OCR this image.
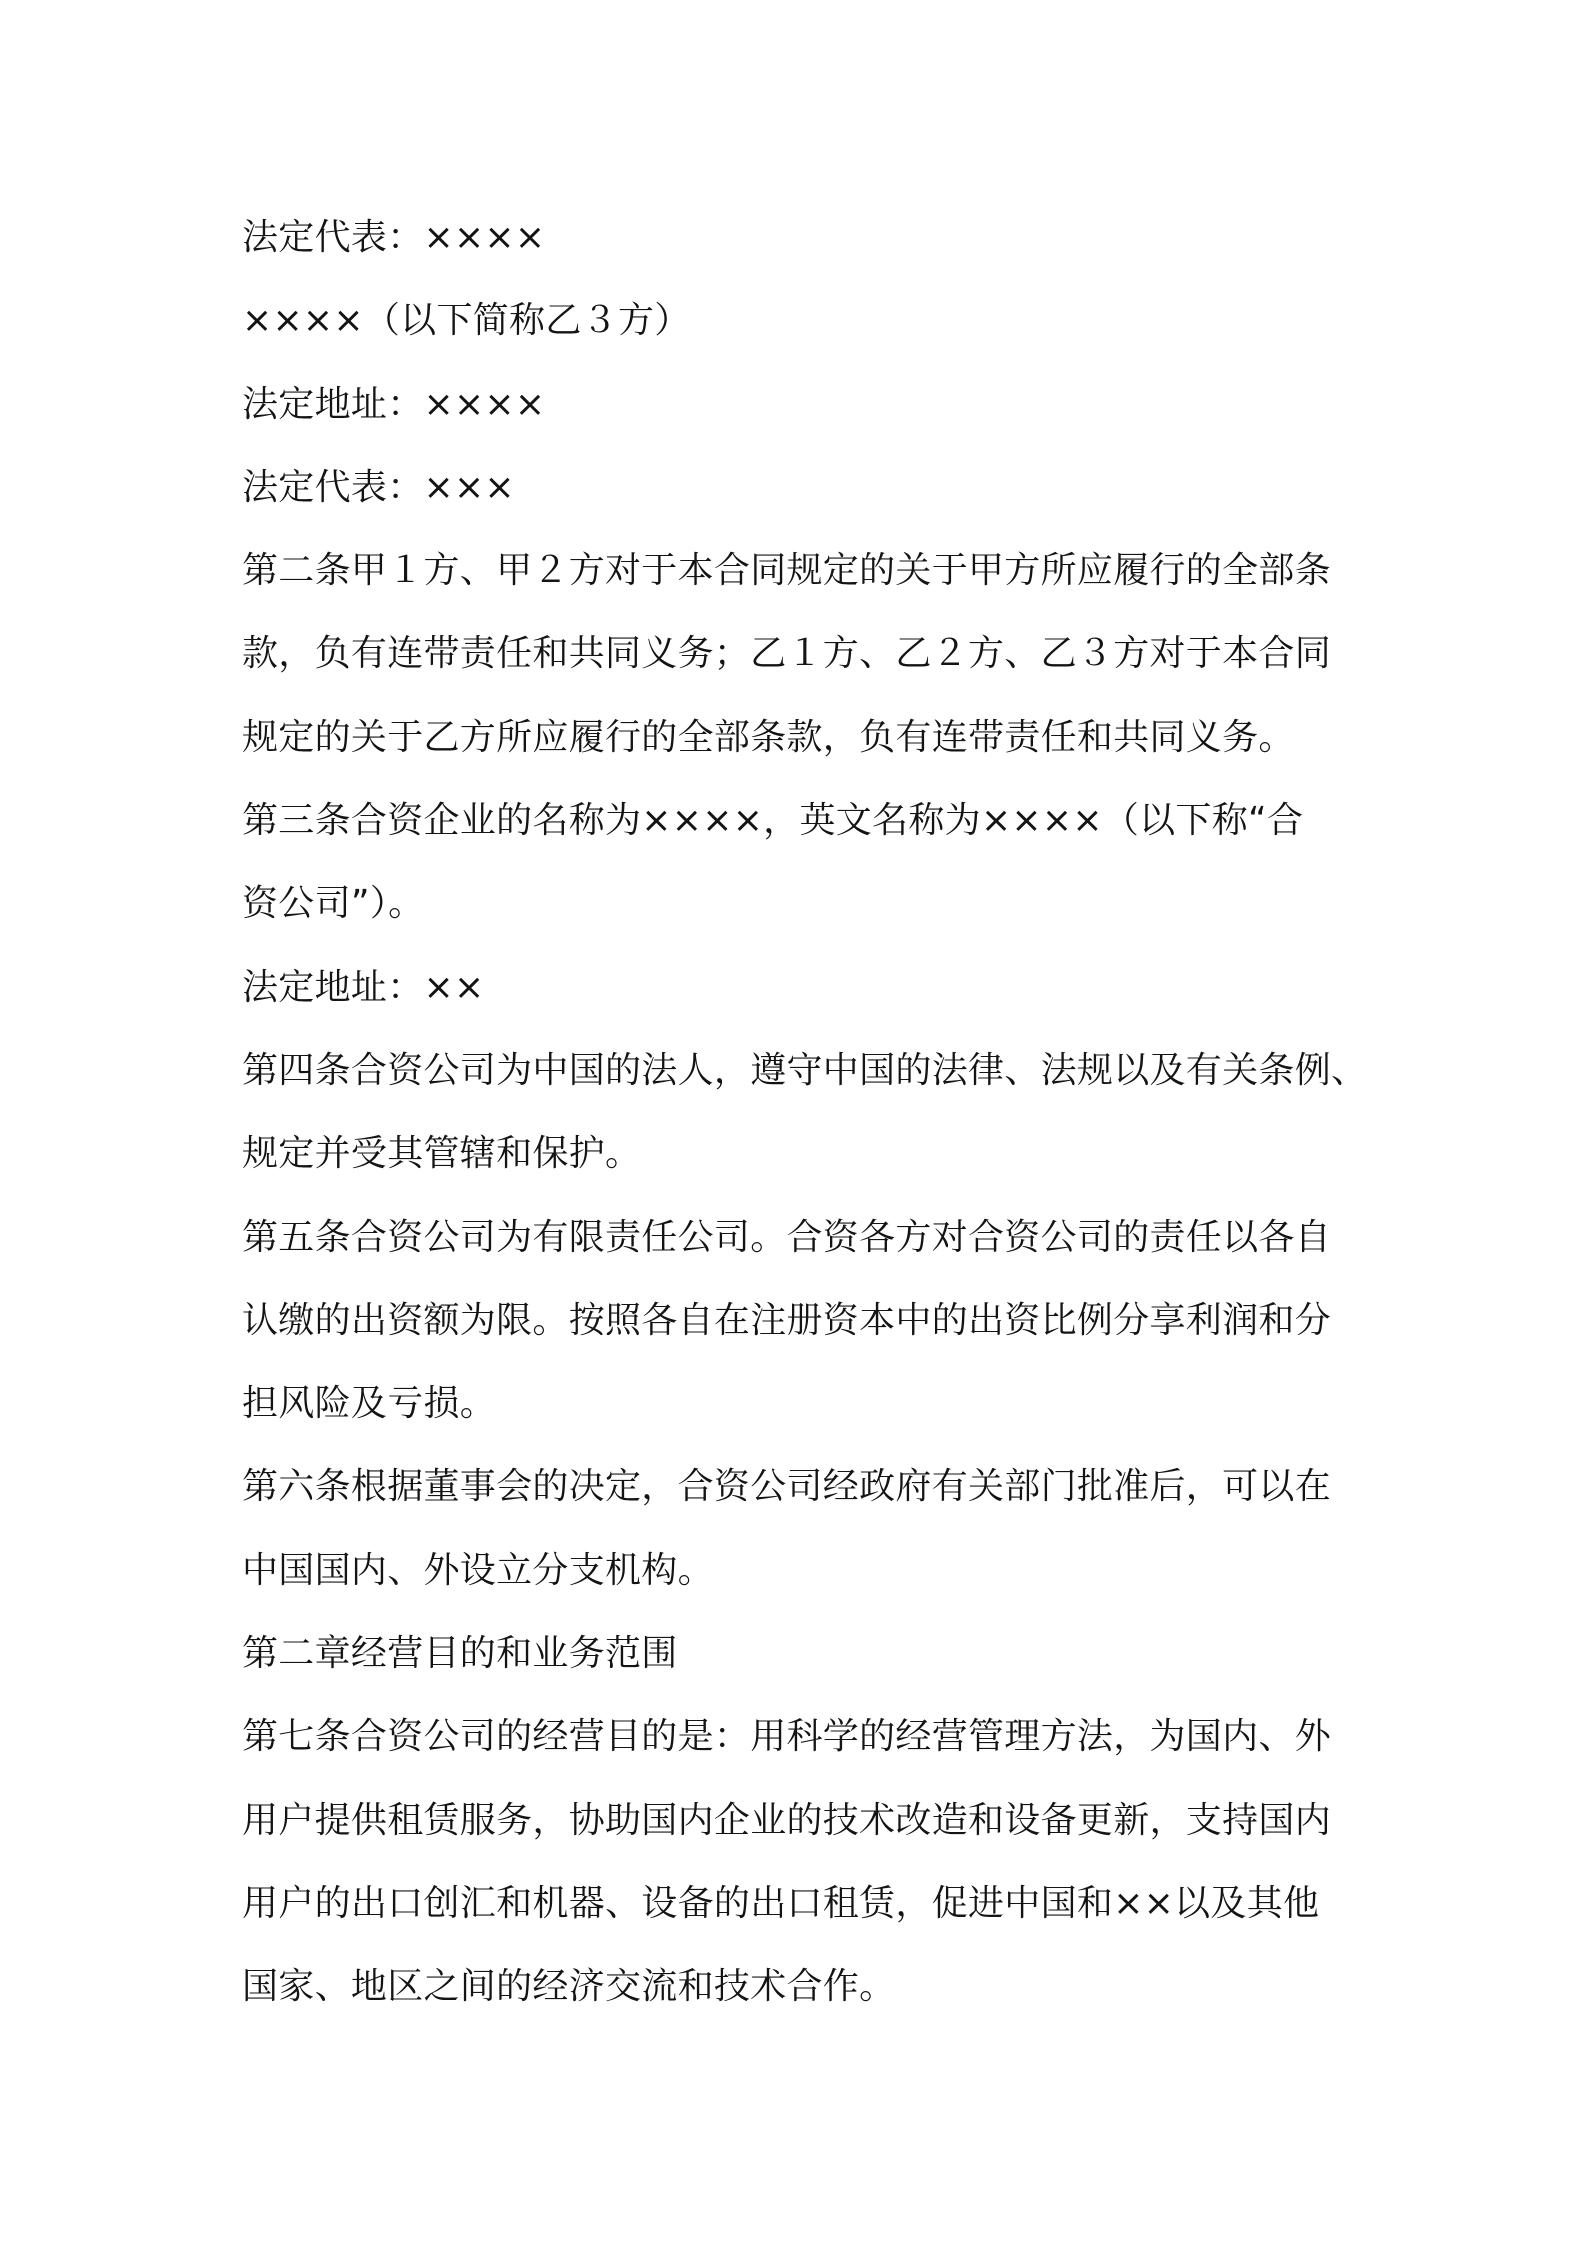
法定代表：××××
××××（以下简称乙３方）
法定地址：××××
法定代表：×××
第二条甲１方、甲２方对于本合同规定的关于甲方所应履行的全部条
款，负有连带责任和共同义务；乙１方、乙２方、乙３方对于本合同
规定的关于乙方所应履行的全部条款，负有连带责任和共同义务。
第三条合资企业的名称为××××，英文名称为××××（以下称“合
资公司”）。
法定地址：××
第四条合资公司为中国的法人，遵守中国的法律、法规以及有关条例、
规定并受其管辖和保护。
第五条合资公司为有限责任公司。合资各方对合资公司的责任以各自
认缴的出资额为限。按照各自在注册资本中的出资比例分享利润和分
担风险及亏损。
第六条根据董事会的决定，合资公司经政府有关部门批准后，可以在
中国国内、外设立分支机构。
第二章经营目的和业务范围
第七条合资公司的经营目的是：用科学的经营管理方法，为国内、外
用户提供租赁服务，协助国内企业的技术改造和设备更新，支持国内
用户的出口创汇和机器、设备的出口租赁，促进中国和××以及其他
国家、地区之间的经济交流和技术合作。
